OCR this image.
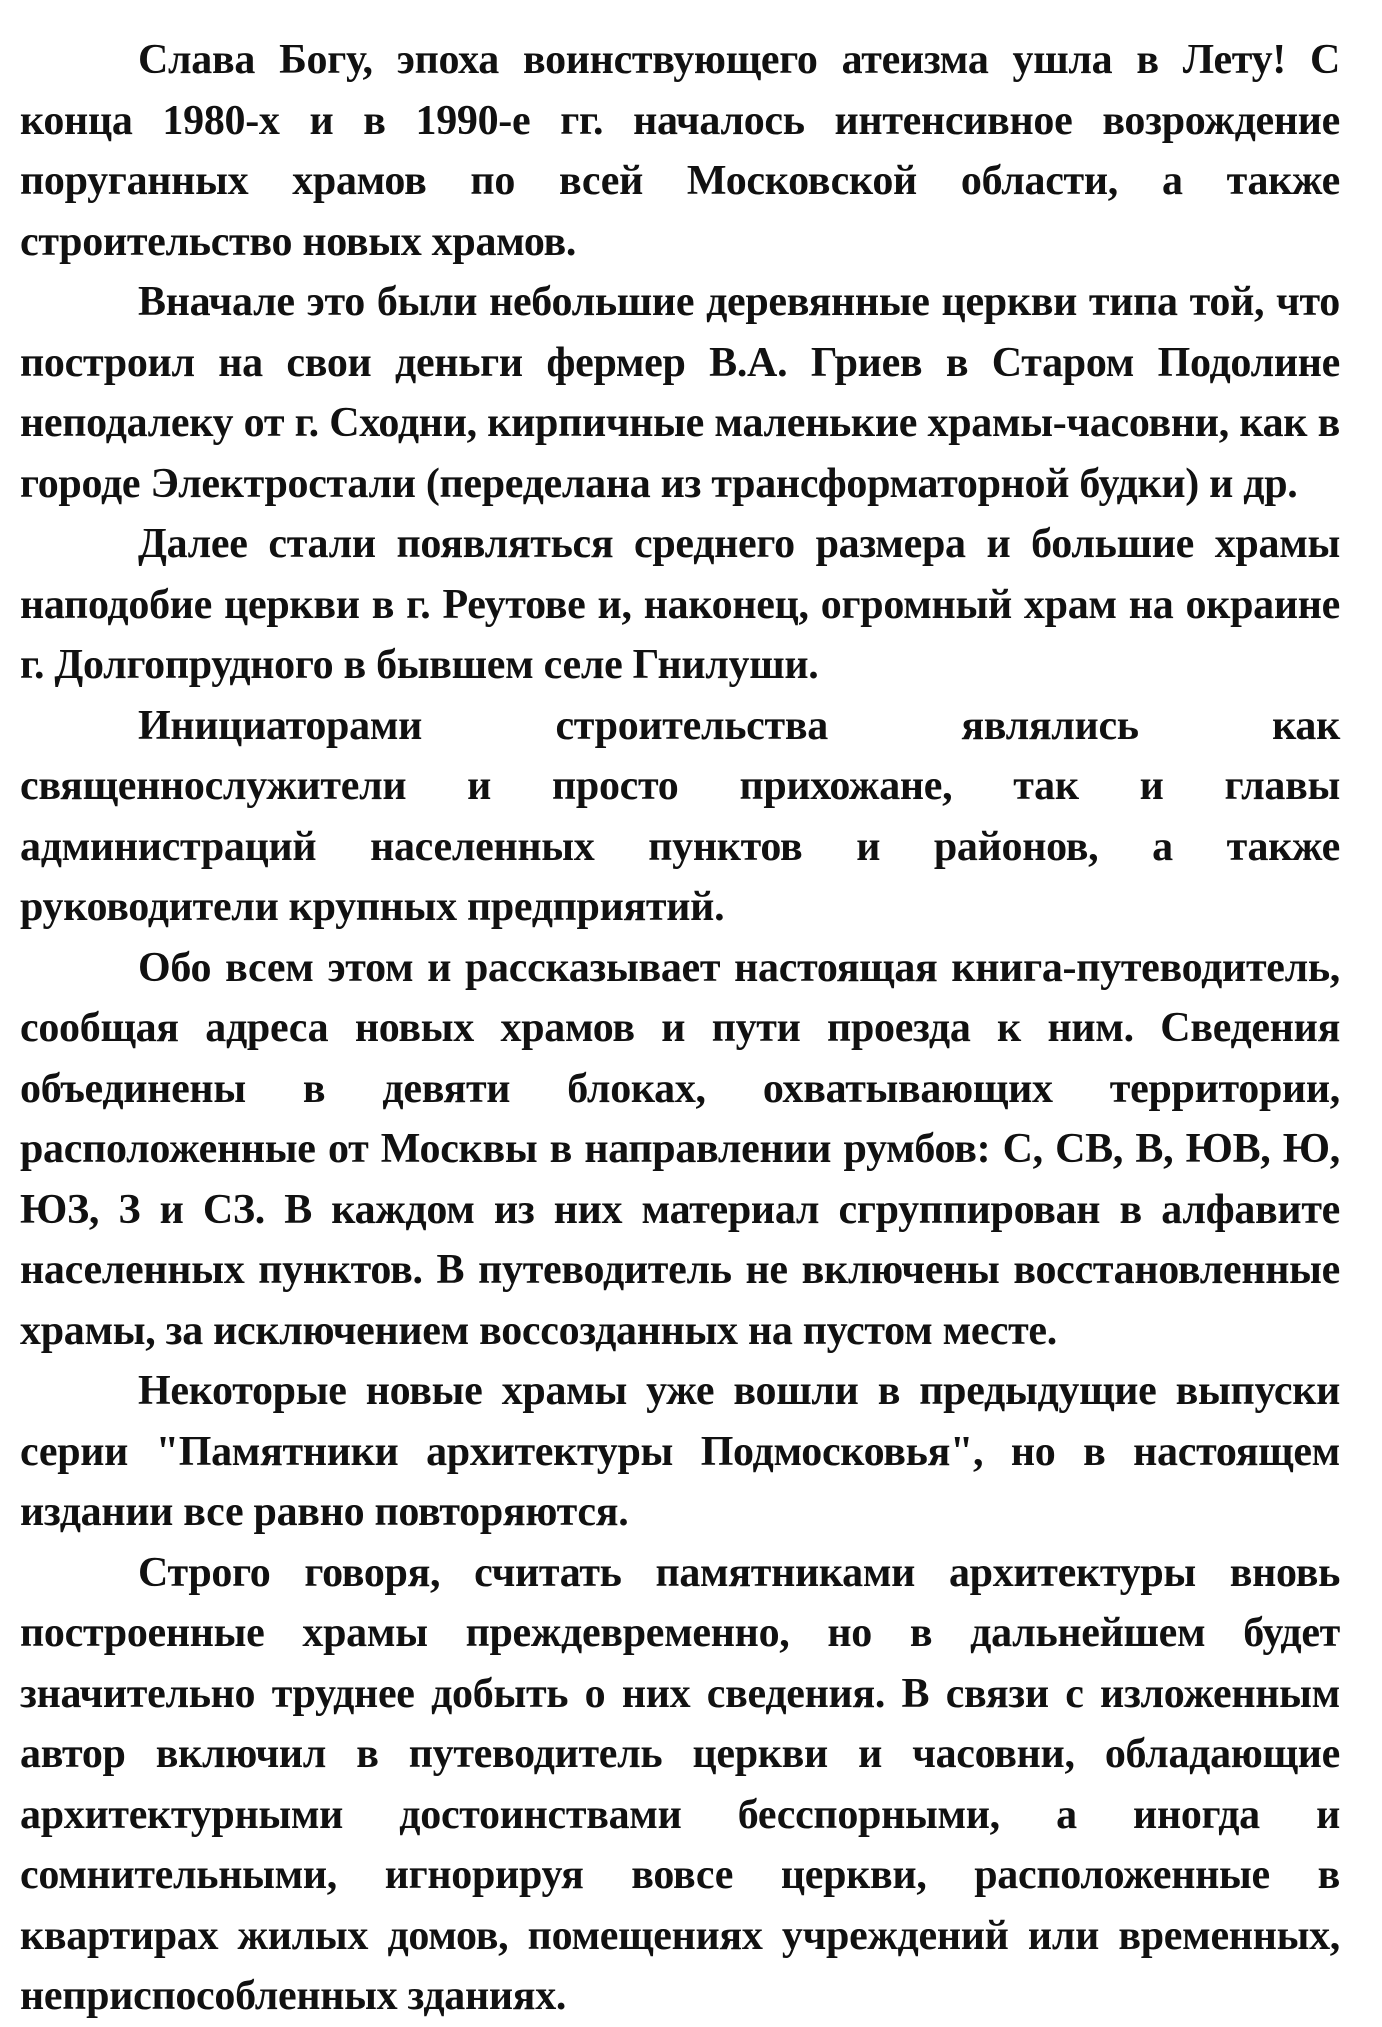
Слава Богу, эпоха воинствующего атеизма ушла в Лету! С конца 1980-х и в 1990-е гг. началось интенсивное возрождение поруганных храмов по всей Московской области, а также строительство новых храмов.

Вначале это были небольшие деревянные церкви типа той, что построил на свои деньги фермер В.А. Гриев в Старом Подолине неподалеку от г. Сходни, кирпичные маленькие храмы-часовни, как в городе Электростали (переделана из трансформаторной будки) и др.

Далее стали появляться среднего размера и большие храмы наподобие церкви в г. Реутове и, наконец, огромный храм на окраине г. Долгопрудного в бывшем селе Гнилуши.

Инициаторами строительства являлись как священнослужители и просто прихожане, так и главы администраций населенных пунктов и районов, а также руководители крупных предприятий.

Обо всем этом и рассказывает настоящая книга-путеводитель, сообщая адреса новых храмов и пути проезда к ним. Сведения объединены в девяти блоках, охватывающих территории, расположенные от Москвы в направлении румбов: С, СВ, В, ЮВ, Ю, ЮЗ, З и СЗ. В каждом из них материал сгруппирован в алфавите населенных пунктов. В путеводитель не включены восстановленные храмы, за исключением воссозданных на пустом месте.

Некоторые новые храмы уже вошли в предыдущие выпуски серии "Памятники архитектуры Подмосковья", но в настоящем издании все равно повторяются.

Строго говоря, считать памятниками архитектуры вновь построенные храмы преждевременно, но в дальнейшем будет значительно труднее добыть о них сведения. В связи с изложенным автор включил в путеводитель церкви и часовни, обладающие архитектурными достоинствами бесспорными, а иногда и сомнительными, игнорируя вовсе церкви, расположенные в квартирах жилых домов, помещениях учреждений или временных, неприспособленных зданиях.
